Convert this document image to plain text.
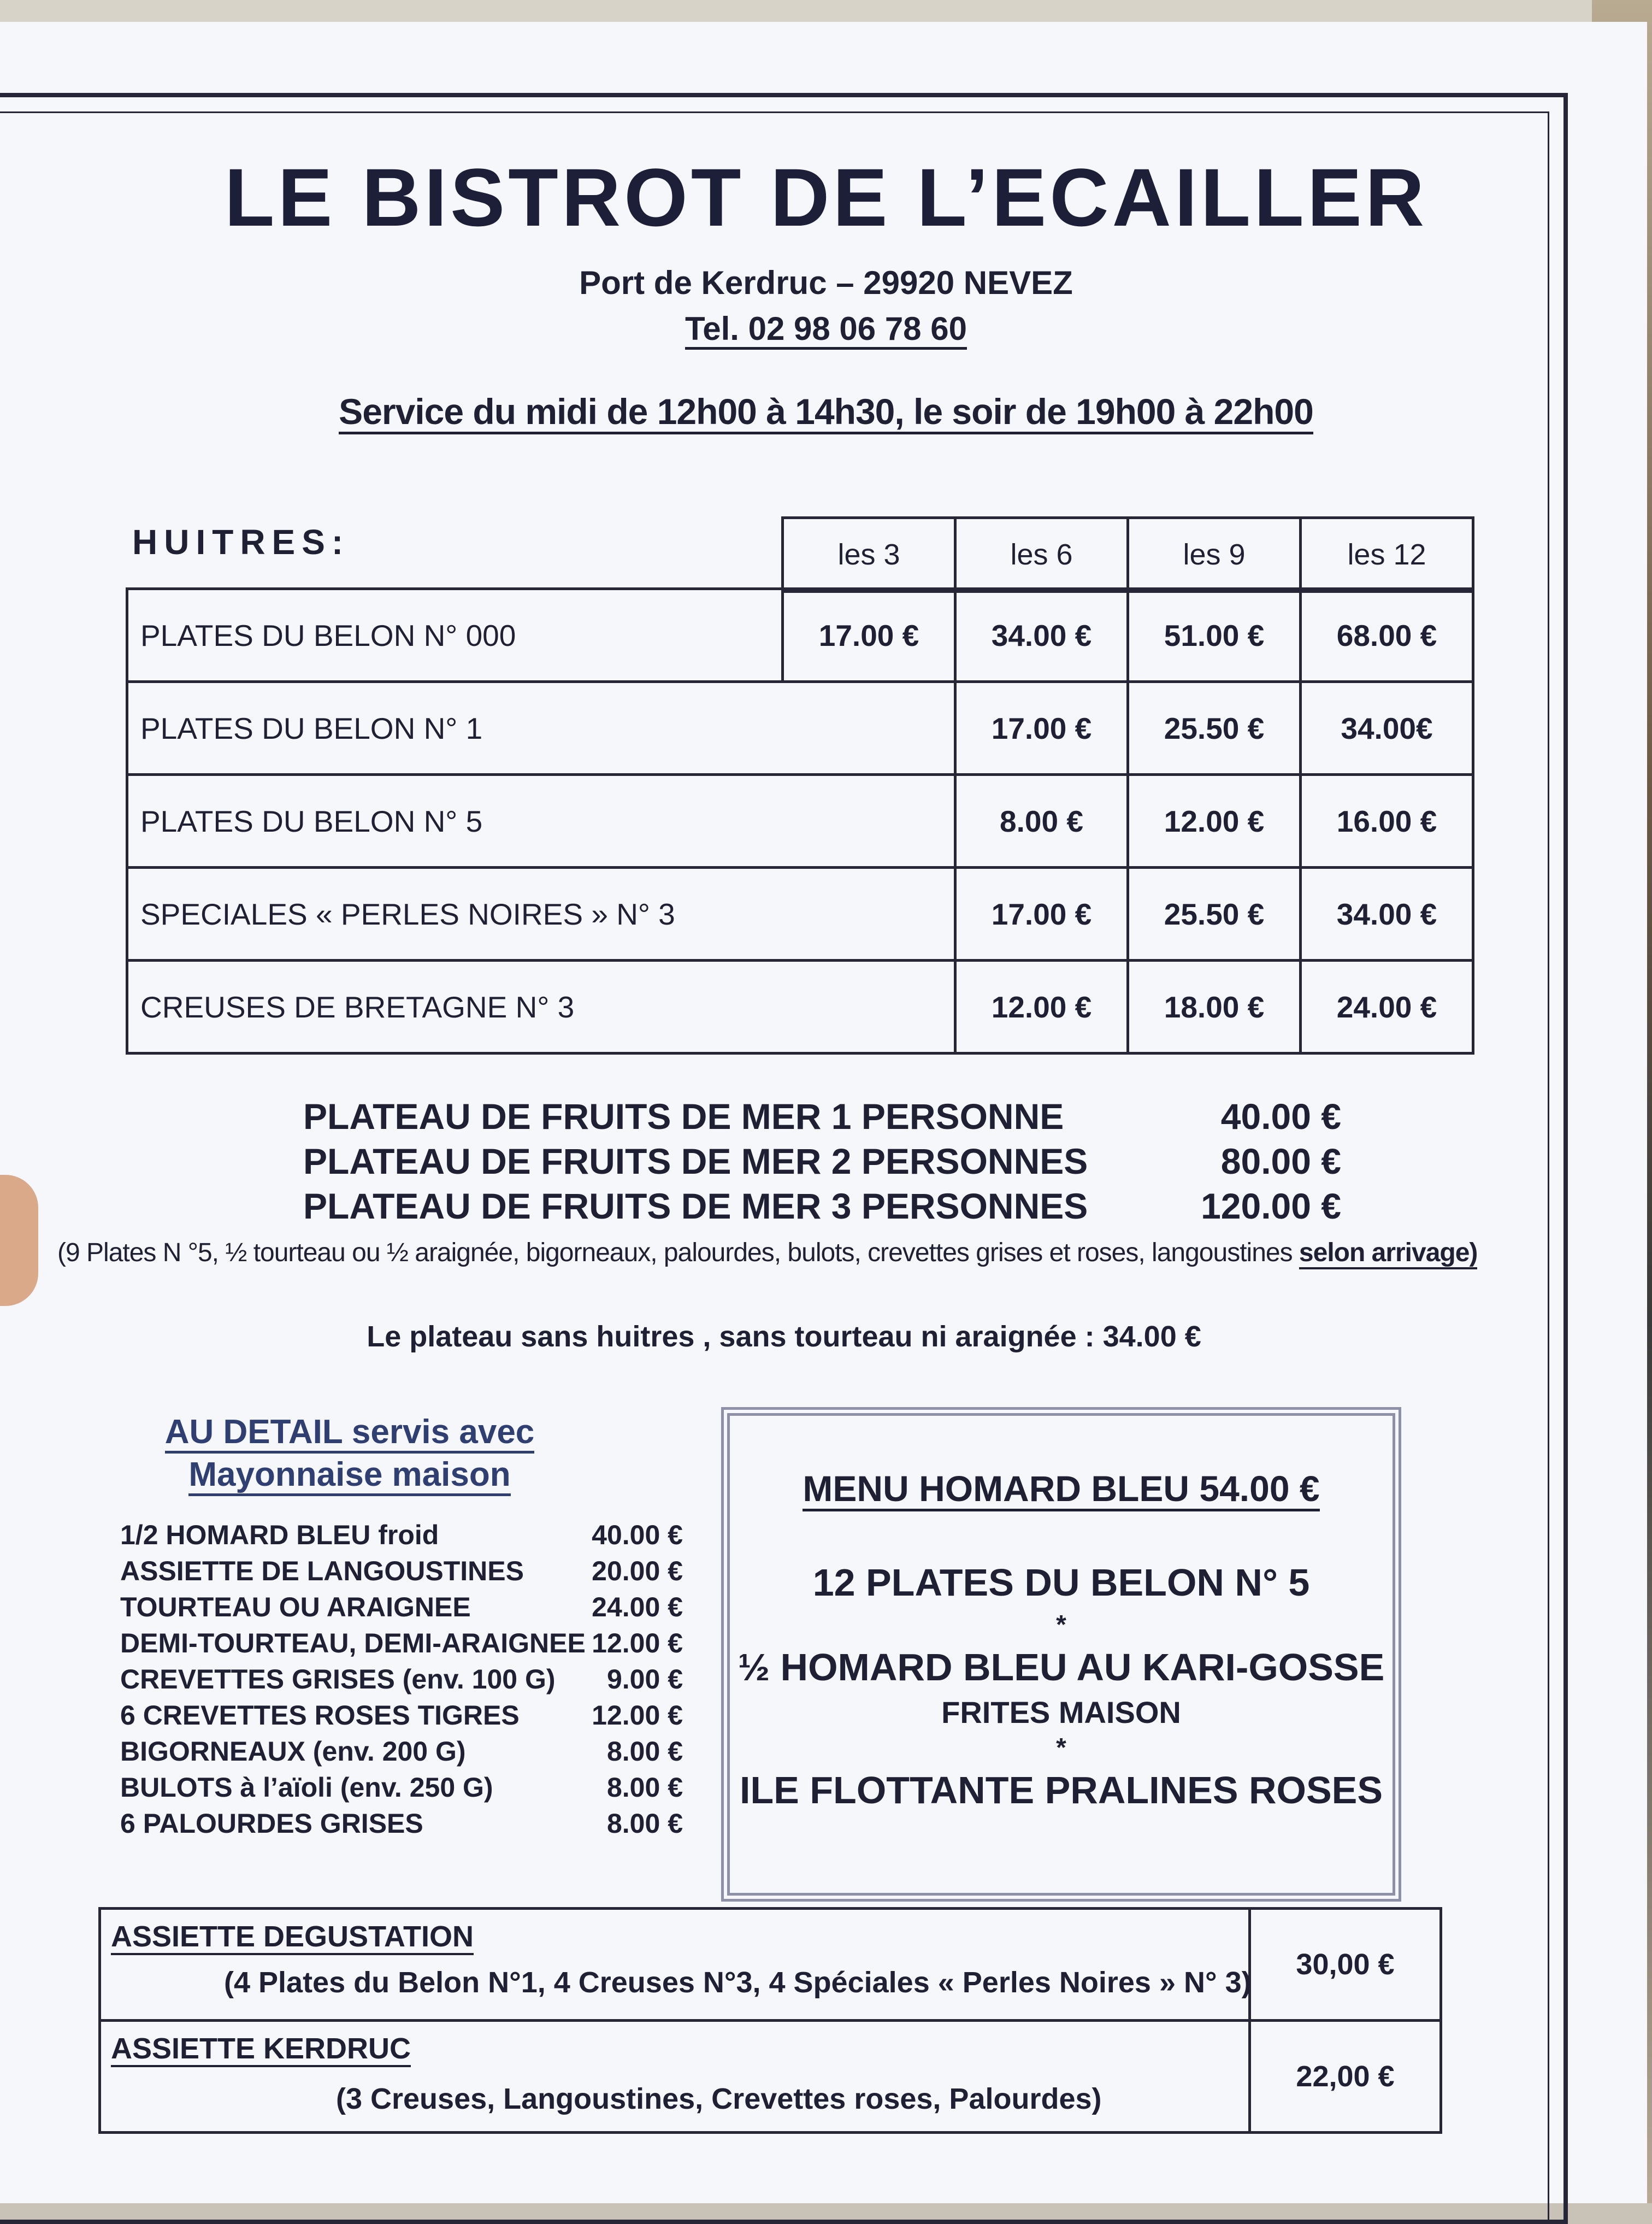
LE BISTROT DE L’ECAILLER
Port de Kerdruc – 29920 NEVEZ
Tel. 02 98 06 78 60
Service du midi de 12h00 à 14h30, le soir de 19h00 à 22h00
HUITRES:	les 3	les 6	les 9	les 12
PLATES DU BELON N° 000	17.00 €	34.00 €	51.00 €	68.00 €
PLATES DU BELON N° 1		17.00 €	25.50 €	34.00€
PLATES DU BELON N° 5		8.00 €	12.00 €	16.00 €
SPECIALES « PERLES NOIRES » N° 3		17.00 €	25.50 €	34.00 €
CREUSES DE BRETAGNE N° 3		12.00 €	18.00 €	24.00 €
PLATEAU DE FRUITS DE MER 1 PERSONNE	40.00 €
PLATEAU DE FRUITS DE MER 2 PERSONNES	80.00 €
PLATEAU DE FRUITS DE MER 3 PERSONNES	120.00 €
(9 Plates N °5, ½ tourteau ou ½ araignée, bigorneaux, palourdes, bulots, crevettes grises et roses, langoustines selon arrivage)
Le plateau sans huitres , sans tourteau ni araignée : 34.00 €
AU DETAIL servis avec
Mayonnaise maison
1/2 HOMARD BLEU froid	40.00 €
ASSIETTE DE LANGOUSTINES 20.00 €
TOURTEAU OU ARAIGNEE	24.00 €
DEMI-TOURTEAU, DEMI-ARAIGNEE 12.00 €
CREVETTES GRISES (env. 100 G) 9.00 €
6 CREVETTES ROSES TIGRES	12.00 €
BIGORNEAUX (env. 200 G)	8.00 €
BULOTS à l’aïoli (env. 250 G)	8.00 €
6 PALOURDES GRISES	8.00 €
MENU HOMARD BLEU 54.00 €
12 PLATES DU BELON N° 5
*
½ HOMARD BLEU AU KARI-GOSSE
FRITES MAISON
*
ILE FLOTTANTE PRALINES ROSES
ASSIETTE DEGUSTATION
(4 Plates du Belon N°1, 4 Creuses N°3, 4 Spéciales « Perles Noires » N° 3)	30,00 €

ASSIETTE KERDRUC
(3 Creuses, Langoustines, Crevettes roses, Palourdes)	22,00 €
